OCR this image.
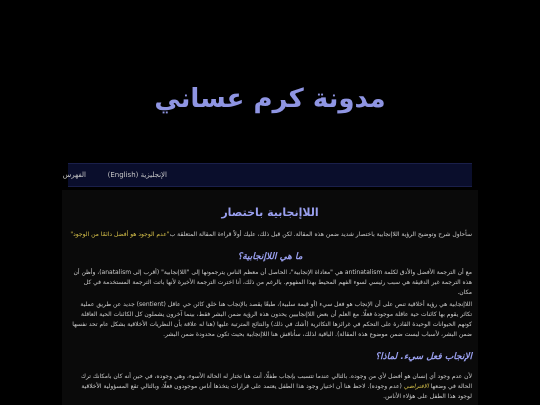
مدونة كرم عساني
الإنجليزية (English)
الفهرس
اللاإنجابية باختصار
سأحاول شرح وتوضيح الرؤية اللاإنجابية باختصار شديد ضمن هذه المقالة. لكن قبل ذلك، عليك أولاً قراءة المقالة المتعلقة ب"عدم الوجود هو أفضل دائمًا من الوجود"
ما هي اللاإنجابية؟
مع أن الترجمة الأفضل والأدق لكلمة antinatalism هي "معاداة الإنجابية"، الحاصل أن معظم الناس يترجمونها إلى "اللاإنجابية" (أقرب إلى anatalism)، وأظن أن هذه الترجمة غير الدقيقة هي سبب رئيسي لسوء الفهم المحيط بهذا المفهوم. بالرغم من ذلك، أنا اخترت الترجمة الأخيرة لأنها باتت الترجمة المستخدمة في كل مكان.
اللاإنجابية هي رؤية أخلاقية تنص على أن الإنجاب هو فعل سيء (أو قيمة سلبية)، طبعًا يقصد بالإنجاب هنا خلق كائن حي عاقل (sentient) جديد عن طريق عملية تكاثر يقوم بها كائنات حية عاقلة موجودة فعلًا. مع العلم أن بعض اللاإنجابيين يحدون هذه الرؤية ضمن البشر فقط، بينما آخرون يشملون كل الكائنات الحية العاقلة كونهم الحيوانات الوحيدة القادرة على التحكم في غرائزها التكاثرية (أشك في ذلك) والنتائج المترتبة عليها (هنا له علاقة بأن النظريات الأخلاقية بشكل عام تحد نفسها ضمن البشر، لأسباب ليست ضمن موضوع هذه المقالة). الباقية لذلك، سأناقش هنا اللاإنجابية بحيث تكون محدودة ضمن البشر.
الإنجاب فعل سيء. لماذا؟
لأن عدم وجود أي إنسان هو أفضل لأي من وجوده. بالتالي عندما تتسبب بإنجاب طفلًا، أنت هنا تختار له الحالة الأسوء، وهي وجوده، في حين أنه كان بامكانك ترك الحالة في وضعها الافتراضي (عدم وجوده). لاحظ هنا أن اختيار وجود هذا الطفل يعتمد على قرارات يتخذها أناس موجودون فعلًا، وبالتالي تقع المسؤولية الأخلاقية لوجود هذا الطفل على هؤلاء الأناس.
